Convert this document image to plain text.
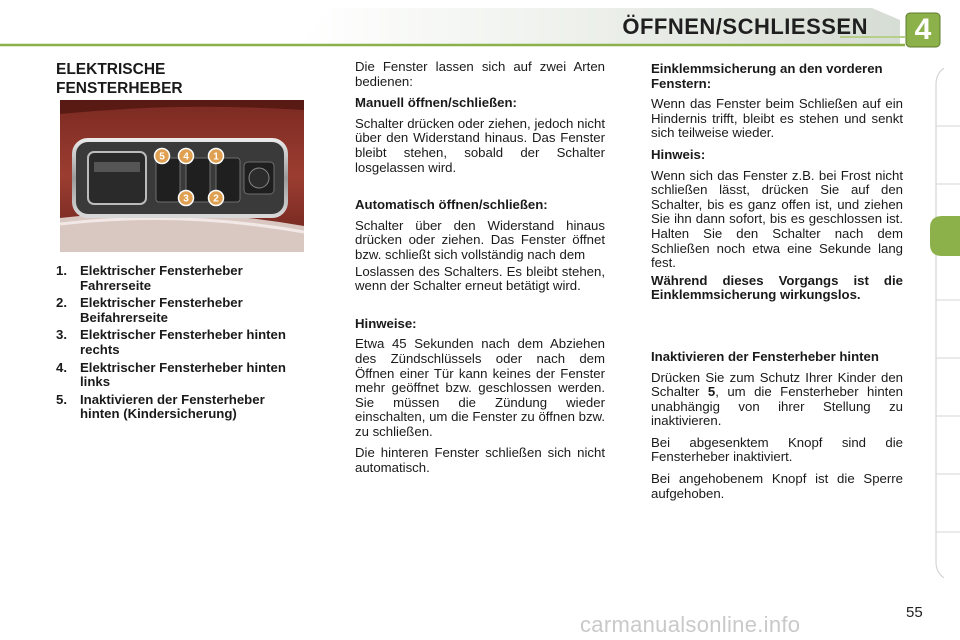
ÖFFNEN/SCHLIESSEN	4
ELEKTRISCHE
FENSTERHEBER
5 4 1
3 2
1. Elektrischer Fensterheber Fahrerseite
2. Elektrischer Fensterheber Beifahrerseite
3. Elektrischer Fensterheber hinten rechts
4. Elektrischer Fensterheber hinten links
5. Inaktivieren der Fensterheber hinten (Kindersicherung)

Die Fenster lassen sich auf zwei Arten bedienen:

Manuell öffnen/schließen:

Schalter drücken oder ziehen, jedoch nicht über den Widerstand hinaus. Das Fenster bleibt stehen, sobald der Schalter losgelassen wird.

Automatisch öffnen/schließen:

Schalter über den Widerstand hinaus drücken oder ziehen. Das Fenster öffnet bzw. schließt sich vollständig nach dem

Loslassen des Schalters. Es bleibt stehen, wenn der Schalter erneut betätigt wird.

Hinweise:

Etwa 45 Sekunden nach dem Abziehen des Zündschlüssels oder nach dem Öffnen einer Tür kann keines der Fenster mehr geöffnet bzw. geschlossen werden. Sie müssen die Zündung wieder einschalten, um die Fenster zu öffnen bzw. zu schließen.

Die hinteren Fenster schließen sich nicht automatisch.

Einklemmsicherung an den vorderen Fenstern:

Wenn das Fenster beim Schließen auf ein Hindernis trifft, bleibt es stehen und senkt sich teilweise wieder.

Hinweis:

Wenn sich das Fenster z.B. bei Frost nicht schließen lässt, drücken Sie auf den Schalter, bis es ganz offen ist, und ziehen Sie ihn dann sofort, bis es geschlossen ist. Halten Sie den Schalter nach dem Schließen noch etwa eine Sekunde lang fest.

Während dieses Vorgangs ist die Einklemmsicherung wirkungslos.

Inaktivieren der Fensterheber hinten

Drücken Sie zum Schutz Ihrer Kinder den Schalter 5, um die Fensterheber hinten unabhängig von ihrer Stellung zu inaktivieren.

Bei abgesenktem Knopf sind die Fensterheber inaktiviert.

Bei angehobenem Knopf ist die Sperre aufgehoben.

carmanualsonline.info	55
